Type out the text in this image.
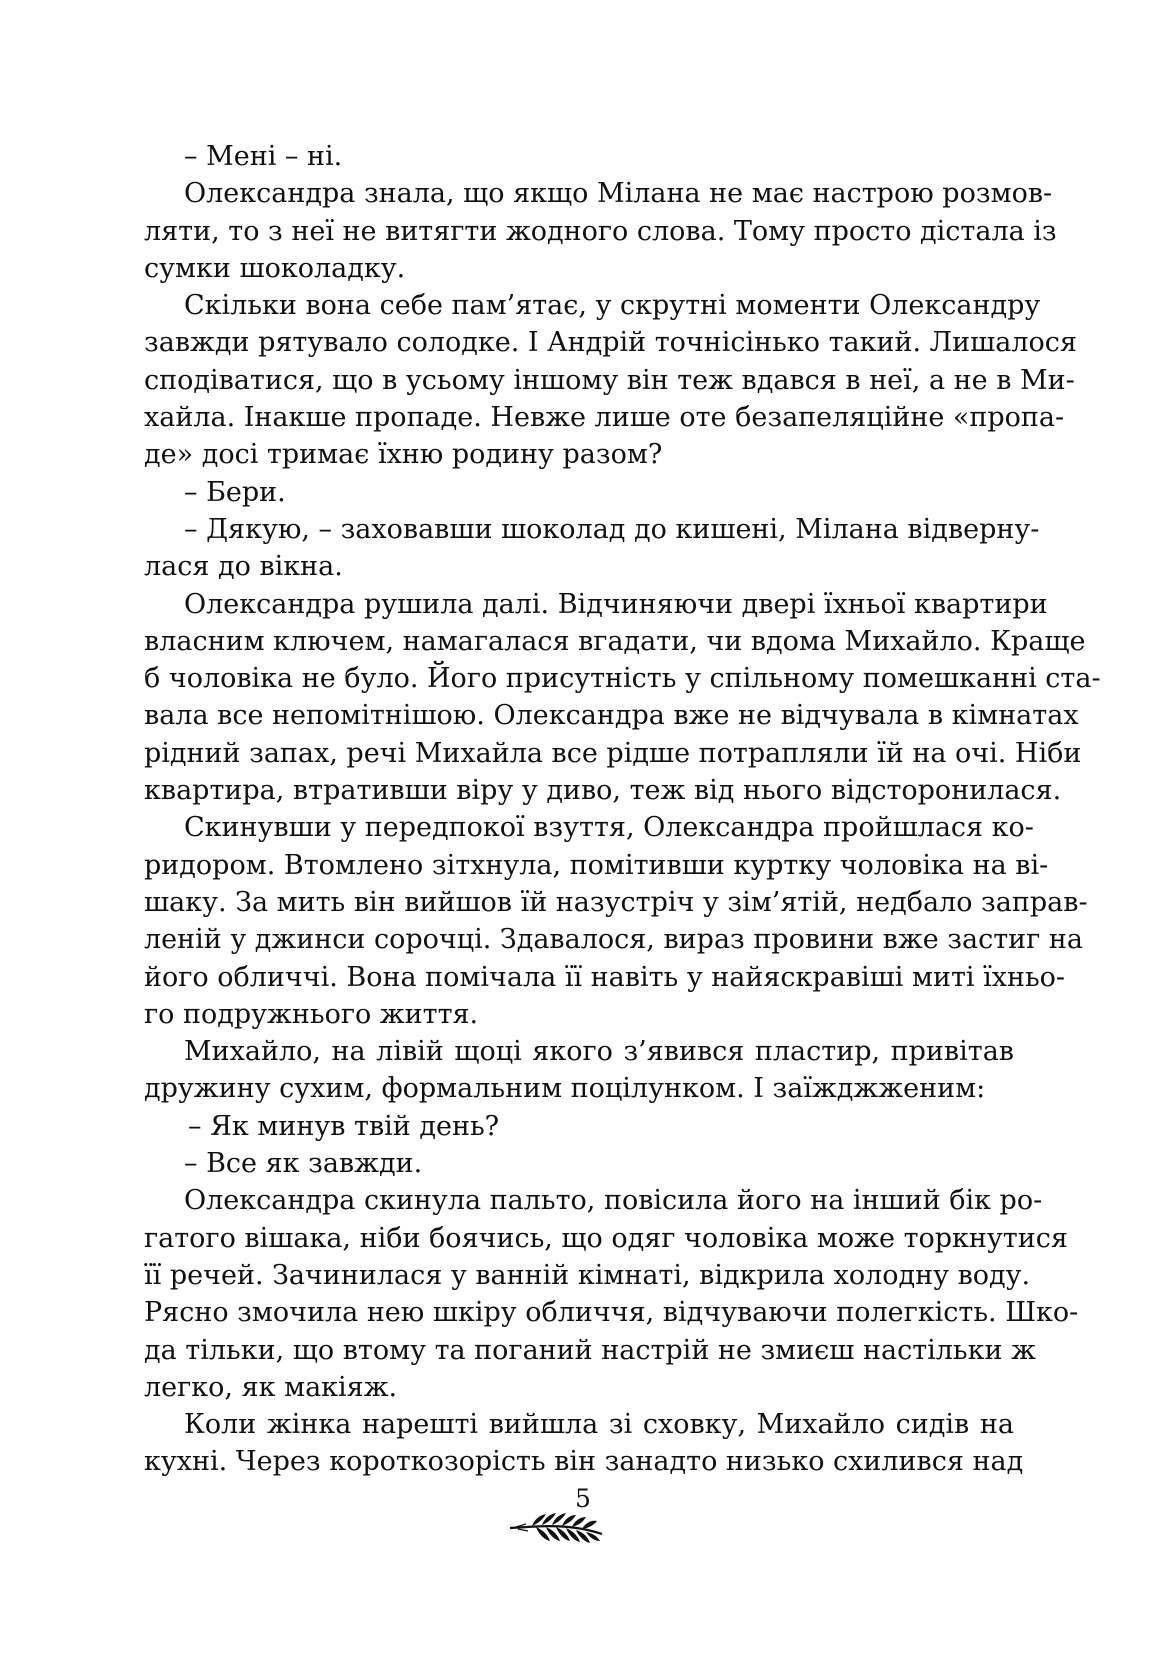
– Мені – ні.
Олександра знала, що якщо Мілана не має настрою розмов-
ляти, то з неї не витягти жодного слова. Тому просто дістала із
сумки шоколадку.
Скільки вона себе пам’ятає, у скрутні моменти Олександру
завжди рятувало солодке. І Андрій точнісінько такий. Лишалося
сподіватися, що в усьому іншому він теж вдався в неї, а не в Ми-
хайла. Інакше пропаде. Невже лише оте безапеляційне «пропа-
де» досі тримає їхню родину разом?
– Бери.
– Дякую, – заховавши шоколад до кишені, Мілана відверну-
лася до вікна.
Олександра рушила далі. Відчиняючи двері їхньої квартири
власним ключем, намагалася вгадати, чи вдома Михайло. Краще
б чоловіка не було. Його присутність у спільному помешканні ста-
вала все непомітнішою. Олександра вже не відчувала в кімнатах
рідний запах, речі Михайла все рідше потрапляли їй на очі. Ніби
квартира, втративши віру у диво, теж від нього відсторонилася.
Скинувши у передпокої взуття, Олександра пройшлася ко-
ридором. Втомлено зітхнула, помітивши куртку чоловіка на ві-
шаку. За мить він вийшов їй назустріч у зім’ятій, недбало заправ-
леній у джинси сорочці. Здавалося, вираз провини вже застиг на
його обличчі. Вона помічала її навіть у найяскравіші миті їхньо-
го подружнього життя.
Михайло, на лівій щоці якого з’явився пластир, привітав
дружину сухим, формальним поцілунком. І заїжджженим:
– Як минув твій день?
– Все як завжди.
Олександра скинула пальто, повісила його на інший бік ро-
гатого вішака, ніби боячись, що одяг чоловіка може торкнутися
її речей. Зачинилася у ванній кімнаті, відкрила холодну воду.
Рясно змочила нею шкіру обличчя, відчуваючи полегкість. Шко-
да тільки, що втому та поганий настрій не змиєш настільки ж
легко, як макіяж.
Коли жінка нарешті вийшла зі сховку, Михайло сидів на
кухні. Через короткозорість він занадто низько схилився над
5
